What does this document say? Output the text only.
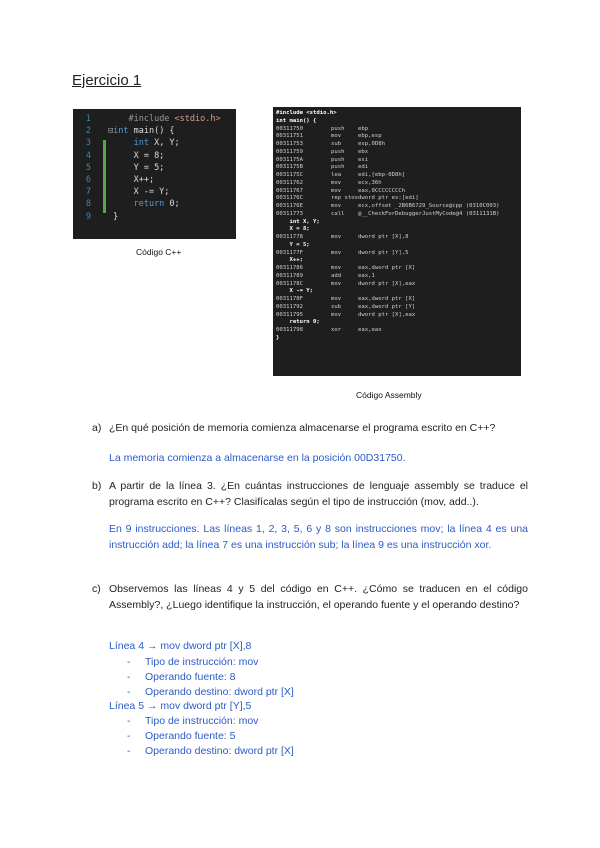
Ejercicio 1
1
2
3
4
5
6
7
8
9
#include <stdio.h>
⊟int main() {
int X, Y;
X = 8;
Y = 5;
X++;
X -= Y;
return 0;
}
Código C++
#include <stdio.h>
int main() {
00311750	push ebp
00311751	mov	ebp,esp
00311753	sub	esp,0D8h
00311759	push ebx
0031175A	push esi
0031175B	push edi
0031175C	lea	edi,[ebp-0D8h]
00311762	mov	ecx,36h
00311767	mov	eax,0CCCCCCCCh
0031176C	rep stosdword ptr es:[edi]
0031176E	mov	ecx,offset _2B6B6729_Source@cpp (0310C003)
00311773	call @__CheckForDebuggerJustMyCode@4 (0311131B)
int X, Y;
X = 8;
00311778	mov	dword ptr [X],8
Y = 5;
0031177F	mov	dword ptr [Y],5
X++;
00311786	mov	eax,dword ptr [X]
00311789	add	eax,1
0031178C	mov	dword ptr [X],eax
X -= Y;
0031178F	mov	eax,dword ptr [X]
00311792	sub	eax,dword ptr [Y]
00311795	mov	dword ptr [X],eax
return 0;
00311798	xor	eax,eax
}
Código Assembly
a) ¿En qué posición de memoria comienza almacenarse el programa escrito en C++?
La memoria comienza a almacenarse en la posición 00D31750.
b) A partir de la línea 3. ¿En cuántas instrucciones de lenguaje assembly se traduce el programa escrito en C++? Clasifícalas según el tipo de instrucción (mov, add..).
En 9 instrucciones. Las líneas 1, 2, 3, 5, 6 y 8 son instrucciones mov; la línea 4 es una instrucción add; la línea 7 es una instrucción sub; la línea 9 es una instrucción xor.
c) Observemos las líneas 4 y 5 del código en C++. ¿Cómo se traducen en el código Assembly?, ¿Luego identifique la instrucción, el operando fuente y el operando destino?
Línea 4 → mov dword ptr [X],8
- Tipo de instrucción: mov
- Operando fuente: 8
- Operando destino: dword ptr [X]
Línea 5 → mov dword ptr [Y],5
- Tipo de instrucción: mov
- Operando fuente: 5
- Operando destino: dword ptr [X]
